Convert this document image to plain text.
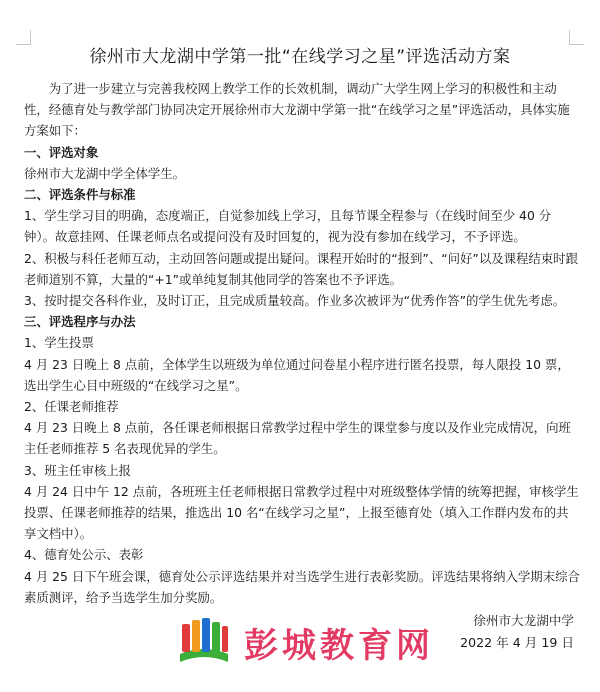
徐州市大龙湖中学第一批“在线学习之星”评选活动方案

为了进一步建立与完善我校网上教学工作的长效机制，调动广大学生网上学习的积极性和主动性，经德育处与教学部门协同决定开展徐州市大龙湖中学第一批“在线学习之星”评选活动，具体实施方案如下：

一、评选对象

徐州市大龙湖中学全体学生。

二、评选条件与标准

1、学生学习目的明确，态度端正，自觉参加线上学习，且每节课全程参与（在线时间至少 40 分钟）。故意挂网、任课老师点名或提问没有及时回复的，视为没有参加在线学习，不予评选。

2、积极与科任老师互动，主动回答问题或提出疑问。课程开始时的“报到”、“问好”以及课程结束时跟老师道别不算，大量的“+1”或单纯复制其他同学的答案也不予评选。

3、按时提交各科作业，及时订正，且完成质量较高。作业多次被评为“优秀作答”的学生优先考虑。

三、评选程序与办法

1、学生投票

4 月 23 日晚上 8 点前，全体学生以班级为单位通过问卷星小程序进行匿名投票，每人限投 10 票，选出学生心目中班级的“在线学习之星”。

2、任课老师推荐

4 月 23 日晚上 8 点前，各任课老师根据日常教学过程中学生的课堂参与度以及作业完成情况，向班主任老师推荐 5 名表现优异的学生。

3、班主任审核上报

4 月 24 日中午 12 点前，各班班主任老师根据日常教学过程中对班级整体学情的统筹把握，审核学生投票、任课老师推荐的结果，推选出 10 名“在线学习之星”，上报至德育处（填入工作群内发布的共享文档中）。

4、德育处公示、表彰

4 月 25 日下午班会课，德育处公示评选结果并对当选学生进行表彰奖励。评选结果将纳入学期末综合素质测评，给予当选学生加分奖励。

徐州市大龙湖中学
2022 年 4 月 19 日
彭城教育网
